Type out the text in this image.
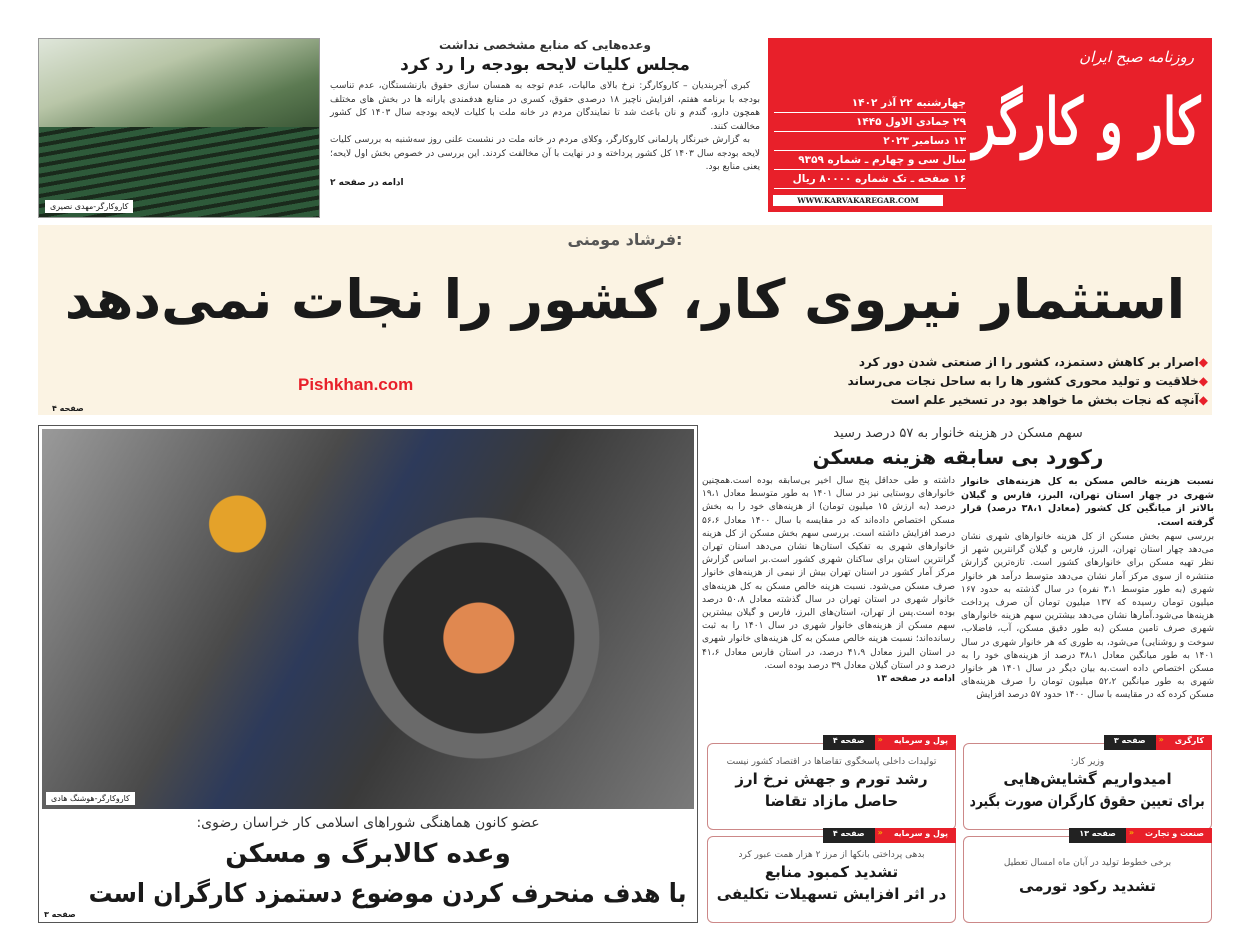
کاروکارگر-مهدی نصیری
وعده‌هایی که منابع مشخصی نداشت
مجلس کلیات لایحه بودجه را رد کرد

کبری آجربندیان – کاروکارگر: نرخ بالای مالیات، عدم توجه به همسان سازی حقوق بازنشستگان، عدم تناسب بودجه با برنامه هفتم، افزایش ناچیز ۱۸ درصدی حقوق، کسری در منابع هدفمندی یارانه ها در بخش های مختلف همچون دارو، گندم و نان باعث شد تا نمایندگان مردم در خانه ملت با کلیات لایحه بودجه سال ۱۴۰۳ کل کشور مخالفت کنند.

به گزارش خبرنگار پارلمانی کاروکارگر، وکلای مردم در خانه ملت در نشست علنی روز سه‌شنبه به بررسی کلیات لایحه بودجه سال ۱۴۰۳ کل کشور پرداخته و در نهایت با آن مخالفت کردند. این بررسی در خصوص بخش اول لایحه؛ یعنی منابع بود.

ادامه در صفحه ۲
روزنامه صبح ایران
کار و کارگر
چهارشنبه ۲۲ آذر ۱۴۰۲
۲۹ جمادی الاول ۱۴۴۵
۱۳ دسامبر ۲۰۲۳
سال سی و چهارم ـ شماره ۹۳۵۹
۱۶ صفحه ـ تک شماره ۸۰۰۰۰ ریال
WWW.KARVAKAREGAR.COM
فرشاد مومنی:
استثمار نیروی کار، کشور را نجات نمی‌دهد
◆اصرار بر کاهش دستمزد، کشور را از صنعتی شدن دور کرد
◆خلاقیت و تولید محوری کشور ها را به ساحل نجات می‌رساند
◆آنچه که نجات بخش ما خواهد بود در تسخیر علم است
Pishkhan.com
صفحه ۴
کاروکارگر-هوشنگ هادی
عضو کانون هماهنگی شوراهای اسلامی کار خراسان رضوی:
وعده کالابرگ و مسکن
با هدف منحرف کردن موضوع دستمزد کارگران است
صفحه ۳
سهم مسکن در هزینه خانوار به ۵۷ درصد رسید
رکورد بی سابقه هزینه مسکن

نسبت هزینه خالص مسکن به کل هزینه‌های خانوار شهری در چهار استان تهران، البرز، فارس و گیلان بالاتر از میانگین کل کشور (معادل ۳۸،۱ درصد) قرار گرفته است.

بررسی سهم بخش مسکن از کل هزینه خانوارهای شهری نشان می‌دهد چهار استان تهران، البرز، فارس و گیلان گرانترین شهر از نظر تهیه مسکن برای خانوارهای کشور است. تازه‌ترین گزارش منتشره از سوی مرکز آمار نشان می‌دهد متوسط درآمد هر خانوار شهری (به طور متوسط ۳،۱ نفره) در سال گذشته به حدود ۱۶۷ میلیون تومان رسیده که ۱۳۷ میلیون تومان آن صرف پرداخت هزینه‌ها می‌شود.آمارها نشان می‌دهد بیشترین سهم هزینه خانوارهای شهری صرف تامین مسکن (به طور دقیق مسکن، آب، فاضلاب، سوخت و روشنایی) می‌شود، به طوری که هر خانوار شهری در سال ۱۴۰۱ به طور میانگین معادل ۳۸،۱ درصد از هزینه‌های خود را به مسکن اختصاص داده است.به بیان دیگر در سال ۱۴۰۱ هر خانوار شهری به طور میانگین ۵۲،۲ میلیون تومان را صرف هزینه‌های مسکن کرده که در مقایسه با سال ۱۴۰۰ حدود ۵۷ درصد افزایش

داشته و طی حداقل پنج سال اخیر بی‌سابقه بوده است.همچنین خانوارهای روستایی نیز در سال ۱۴۰۱ به طور متوسط معادل ۱۹،۱ درصد (به ارزش ۱۵ میلیون تومان) از هزینه‌های خود را به بخش مسکن اختصاص داده‌اند که در مقایسه با سال ۱۴۰۰ معادل ۵۶،۶ درصد افزایش داشته است. بررسی سهم بخش مسکن از کل هزینه خانوارهای شهری به تفکیک استان‌ها نشان می‌دهد استان تهران گرانترین استان برای ساکنان شهری کشور است.بر اساس گزارش مرکز آمار کشور در استان تهران بیش از نیمی از هزینه‌های خانوار صرف مسکن می‌شود. نسبت هزینه خالص مسکن به کل هزینه‌های خانوار شهری در استان تهران در سال گذشته معادل ۵۰،۸ درصد بوده است.پس از تهران، استان‌های البرز، فارس و گیلان بیشترین سهم مسکن از هزینه‌های خانوار شهری در سال ۱۴۰۱ را به ثبت رسانده‌اند؛ نسبت هزینه خالص مسکن به کل هزینه‌های خانوار شهری در استان البرز معادل ۴۱،۹ درصد، در استان فارس معادل ۴۱،۶ درصد و در استان گیلان معادل ۳۹ درصد بوده است.

ادامه در صفحه ۱۳
کارگری
«
صفحه ۳
وزیر کار:
امیدواریم گشایش‌هایی
برای تعیین حقوق کارگران صورت بگیرد
پول و سرمایه
«
صفحه ۴
تولیدات داخلی پاسخگوی تقاضاها در اقتصاد کشور نیست
رشد تورم و جهش نرخ ارز
حاصل مازاد تقاضا
صنعت و تجارت
«
صفحه ۱۳
برخی خطوط تولید در آبان ماه امسال تعطیل
تشدید رکود تورمی
پول و سرمایه
«
صفحه ۴
بدهی پرداختی بانکها از مرز ۲ هزار همت عبور کرد
تشدید کمبود منابع
در اثر افزایش تسهیلات تکلیفی
